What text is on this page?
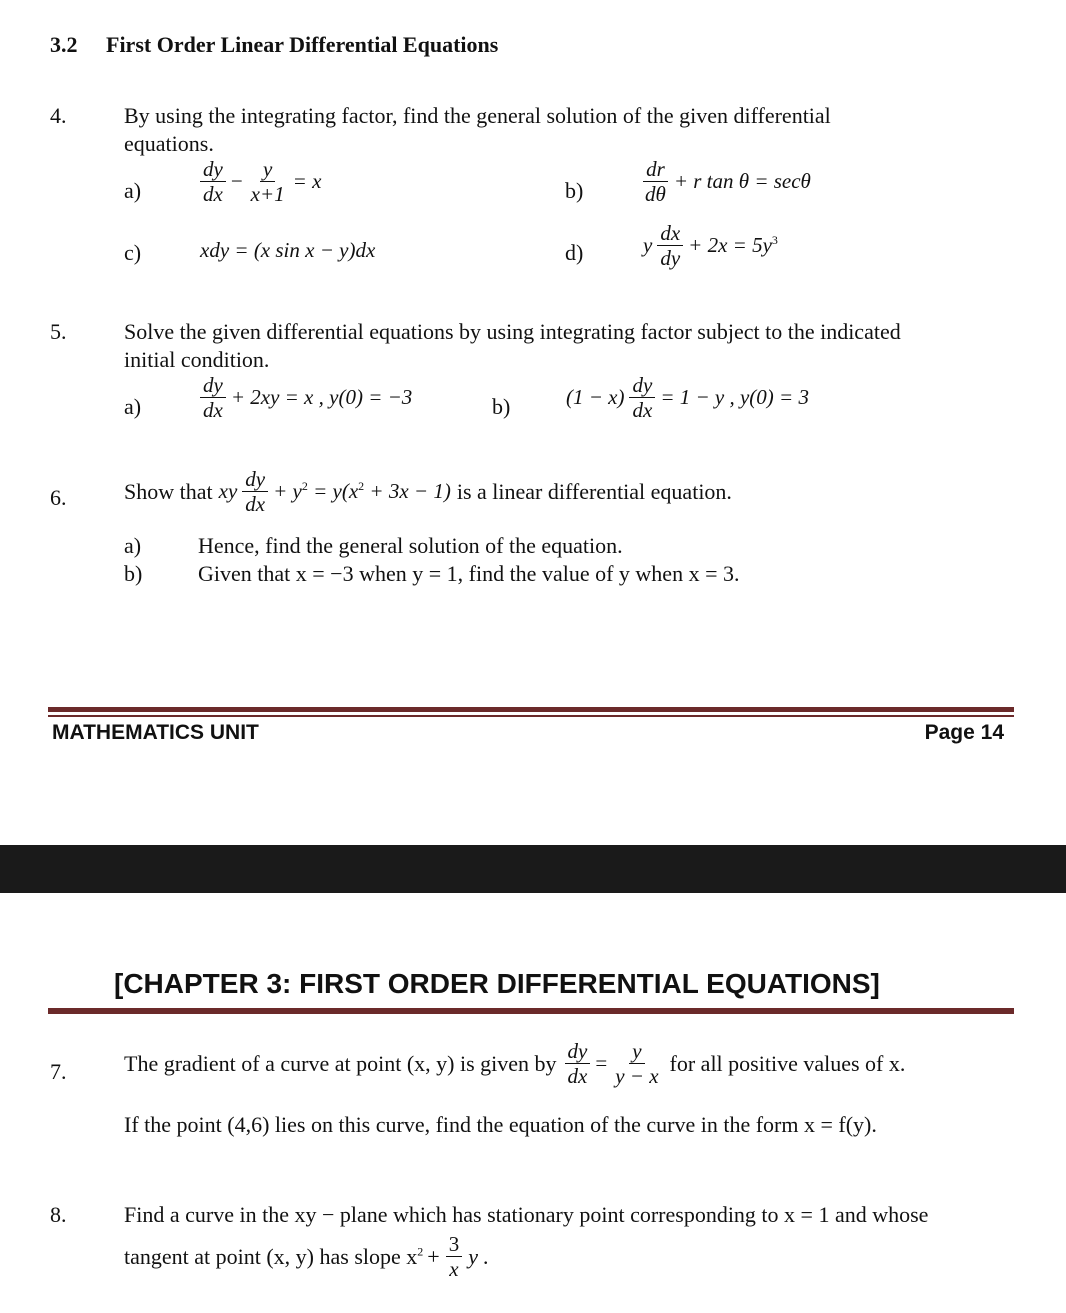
3.2 First Order Linear Differential Equations
4.	By using the integrating factor, find the general solution of the given differential
equations.
a)	$\frac{dy}{dx} - \frac{y}{x+1} = x$	b)	$\frac{dr}{d\theta} + r$ tan θ = secθ
c)	xdy = (x sin x − y)dx	d)	y $\frac{dx}{dy} + 2x = 5y^3$
5.	Solve the given differential equations by using integrating factor subject to the indicated
initial condition.
a)	$\frac{dy}{dx} + 2xy = x$ , y(0) = −3	b)	$(1 - x) \frac{dy}{dx} = 1 - y$ , y(0) = 3
6.	Show that xy $\frac{dy}{dx} + y^2 = y(x^2 + 3x - 1)$ is a linear differential equation.
a)	Hence, find the general solution of the equation.
b)	Given that x = −3 when y = 1, find the value of y when x = 3.
MATHEMATICS UNIT	Page 14
[CHAPTER 3: FIRST ORDER DIFFERENTIAL EQUATIONS]
7.	The gradient of a curve at point (x, y) is given by $\frac{dy}{dx} = \frac{y}{y - x}$ for all positive values of x.
If the point (4,6) lies on this curve, find the equation of the curve in the form x = f(y).
8.	Find a curve in the xy − plane which has stationary point corresponding to x = 1 and whose
tangent at point (x, y) has slope $x^2 + \frac{3}{x}$ y .
